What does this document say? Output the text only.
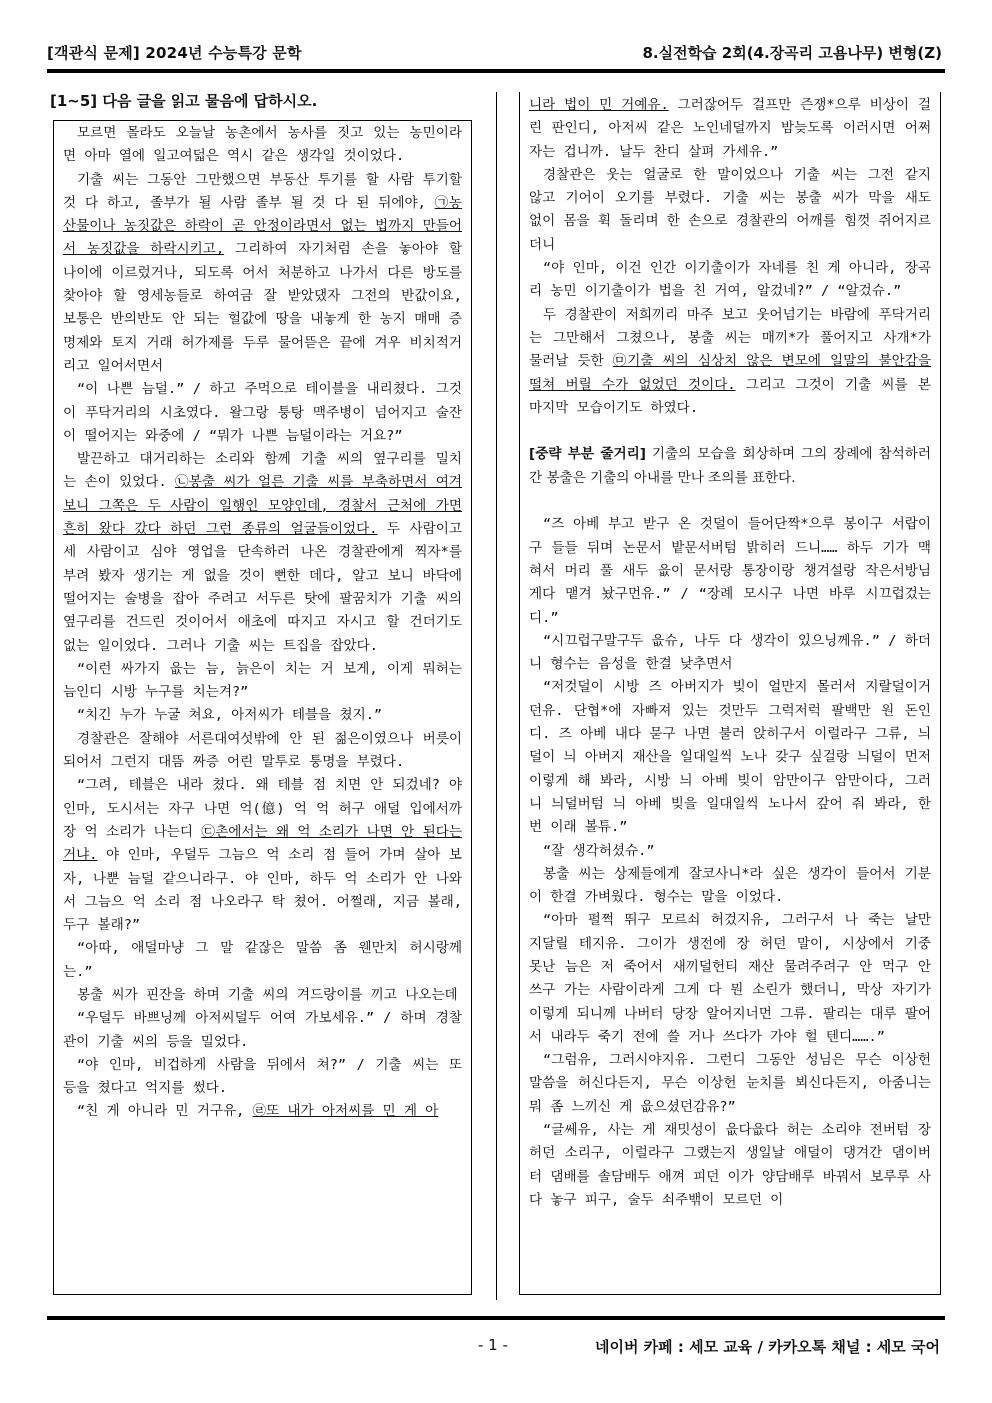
[객관식 문제] 2024년 수능특강 문학	8.실전학습 2회(4.장곡리 고욤나무) 변형(Z)
[1~5] 다음 글을 읽고 물음에 답하시오.

모르면 몰라도 오늘날 농촌에서 농사를 짓고 있는 농민이라면 아마 열에 일고여덟은 역시 같은 생각일 것이었다.

기출 씨는 그동안 그만했으면 부동산 투기를 할 사람 투기할 것 다 하고, 졸부가 될 사람 졸부 될 것 다 된 뒤에야, ㉠농산물이나 농짓값은 하락이 곧 안정이라면서 없는 법까지 만들어서 농짓값을 하락시키고, 그리하여 자기처럼 손을 놓아야 할 나이에 이르렀거나, 되도록 어서 처분하고 나가서 다른 방도를 찾아야 할 영세농들로 하여금 잘 받았댔자 그전의 반값이요, 보통은 반의반도 안 되는 헐값에 땅을 내놓게 한 농지 매매 증명제와 토지 거래 허가제를 두루 물어뜯은 끝에 겨우 비치적거리고 일어서면서

“이 나쁜 늠덜.” / 하고 주먹으로 테이블을 내리쳤다. 그것이 푸닥거리의 시초였다. 왈그랑 퉁탕 맥주병이 넘어지고 술잔이 떨어지는 와중에 / “뭐가 나쁜 늠덜이라는 거요?”

발끈하고 대거리하는 소리와 함께 기출 씨의 옆구리를 밀치는 손이 있었다. ㉡봉출 씨가 얼른 기출 씨를 부축하면서 여겨보니 그쪽은 두 사람이 일행인 모양인데, 경찰서 근처에 가면 흔히 왔다 갔다 하던 그런 종류의 얼굴들이었다. 두 사람이고 세 사람이고 심야 영업을 단속하러 나온 경찰관에게 찍자*를 부려 봤자 생기는 게 없을 것이 뻔한 데다, 알고 보니 바닥에 떨어지는 술병을 잡아 주려고 서두른 탓에 팔꿈치가 기출 씨의 옆구리를 건드린 것이어서 애초에 따지고 자시고 할 건더기도 없는 일이었다. 그러나 기출 씨는 트집을 잡았다.

“이런 싸가지 읎는 늠, 늙은이 치는 거 보게, 이게 뭐허는 늠인디 시방 누구를 치는겨?”

“치긴 누가 누굴 쳐요, 아저씨가 테블을 쳤지.”

경찰관은 잘해야 서른대여섯밖에 안 된 젊은이였으나 버릇이 되어서 그런지 대뜸 짜증 어린 말투로 퉁명을 부렸다.

“그려, 테블은 내라 쳤다. 왜 테블 점 치면 안 되겄네? 야 인마, 도시서는 자구 나면 억(億) 억 억 허구 애덜 입에서까장 억 소리가 나는디 ㉢촌에서는 왜 억 소리가 나면 안 된다는 거냐. 야 인마, 우덜두 그늠으 억 소리 점 들어 가며 살아 보자, 나뿐 늠덜 같으니라구. 야 인마, 하두 억 소리가 안 나와서 그늠으 억 소리 점 나오라구 탁 쳤어. 어쩔래, 지금 볼래, 두구 볼래?”

“아따, 애덜마냥 그 말 같잖은 말씀 좀 웬만치 허시랑께는.”

봉출 씨가 핀잔을 하며 기출 씨의 겨드랑이를 끼고 나오는데

“우덜두 바쁘닝께 아저씨덜두 어여 가보세유.” / 하며 경찰관이 기출 씨의 등을 밀었다.

“야 인마, 비겁하게 사람을 뒤에서 쳐?” / 기출 씨는 또 등을 쳤다고 억지를 썼다.

“친 게 아니라 민 거구유, ㉣또 내가 아저씨를 민 게 아

니라 법이 민 거예유. 그러잖어두 걸프만 즌쟁*으루 비상이 걸린 판인디, 아저씨 같은 노인네덜까지 밤늦도록 이러시면 어쩌자는 겁니까. 날두 찬디 살펴 가세유.”

경찰관은 웃는 얼굴로 한 말이었으나 기출 씨는 그전 같지 않고 기어이 오기를 부렸다. 기출 씨는 봉출 씨가 막을 새도 없이 몸을 휙 돌리며 한 손으로 경찰관의 어깨를 힘껏 쥐어지르더니

“야 인마, 이건 인간 이기출이가 자네를 친 게 아니라, 장곡리 농민 이기출이가 법을 친 거여, 알겄네?” / “알겄슈.”

두 경찰관이 저희끼리 마주 보고 웃어넘기는 바람에 푸닥거리는 그만해서 그쳤으나, 봉출 씨는 매끼*가 풀어지고 사개*가 물러날 듯한 ㉤기출 씨의 심상치 않은 변모에 일말의 불안감을 떨쳐 버릴 수가 없었던 것이다. 그리고 그것이 기출 씨를 본 마지막 모습이기도 하였다.

[중략 부분 줄거리] 기출의 모습을 회상하며 그의 장례에 참석하러 간 봉출은 기출의 아내를 만나 조의를 표한다.

“즈 아베 부고 받구 온 것덜이 들어단짝*으루 봉이구 서랍이구 들들 뒤며 논문서 밭문서버텀 밝히러 드니…… 하두 기가 맥혀서 머리 풀 새두 읎이 문서랑 통장이랑 챙겨설랑 작은서방님게다 맽겨 놨구먼유.” / “장례 모시구 나면 바루 시끄럽겄는디.”

“시끄럽구말구두 읎슈, 나두 다 생각이 있으닝께유.” / 하더니 형수는 음성을 한결 낮추면서

“저것덜이 시방 즈 아버지가 빚이 얼만지 몰러서 지랄덜이거던유. 단협*에 자빠져 있는 것만두 그럭저럭 팔백만 원 돈인디. 즈 아베 내다 묻구 나면 불러 앉히구서 이럴라구 그류, 늬덜이 늬 아버지 재산을 일대일씩 노나 갖구 싶걸랑 늬덜이 먼저 이렇게 해 봐라, 시방 늬 아베 빚이 암만이구 암만이다, 그러니 늬덜버텀 늬 아베 빚을 일대일씩 노나서 갚어 줘 봐라, 한번 이래 볼튜.”

“잘 생각허셨슈.”

봉출 씨는 상제들에게 잘코사니*라 싶은 생각이 들어서 기분이 한결 가벼웠다. 형수는 말을 이었다.

“아마 펄쩍 뛰구 모르쇠 허겄지유, 그러구서 나 죽는 날만 지달릴 테지유. 그이가 생전에 장 허던 말이, 시상에서 기중 못난 늠은 저 죽어서 새끼덜헌티 재산 물려주려구 안 먹구 안 쓰구 가는 사람이라게 그게 다 뭔 소린가 했더니, 막상 자기가 이렇게 되니께 나버터 당장 알어지너먼 그류. 팔리는 대루 팔어서 내라두 죽기 전에 쓸 거나 쓰다가 가야 헐 텐디…….”

“그럼유, 그러시야지유. 그런디 그동안 성님은 무슨 이상헌 말씀을 허신다든지, 무슨 이상헌 눈치를 뵈신다든지, 아줌니는 뭐 좀 느끼신 게 읎으셨던감유?”

“글쎄유, 사는 게 재밋성이 읎다읎다 허는 소리야 전버텀 장 허던 소리구, 이럴라구 그랬는지 생일날 애덜이 댕겨간 댐이버터 댐배를 솔담배두 애껴 피던 이가 양담배루 바꿔서 보루루 사다 놓구 피구, 술두 쇠주밲이 모르던 이

- 1 -	네이버 카페 : 세모 교육 / 카카오톡 채널 : 세모 국어
